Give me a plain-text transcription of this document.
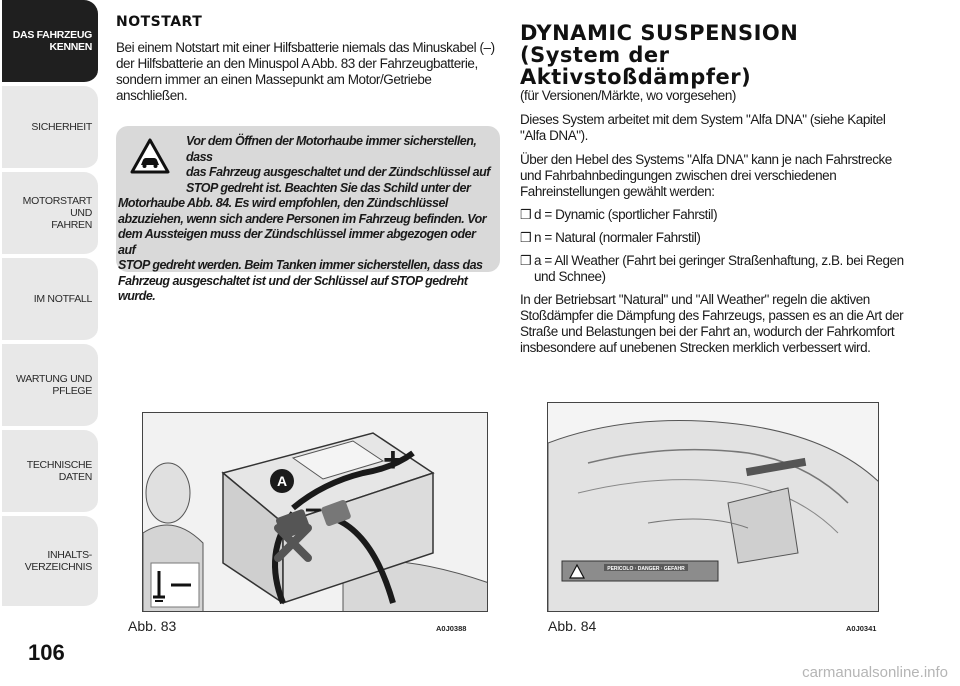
DAS FAHRZEUG
KENNEN
SICHERHEIT
MOTORSTART UND
FAHREN
IM NOTFALL
WARTUNG UND
PFLEGE
TECHNISCHE DATEN
INHALTS-
VERZEICHNIS
106
NOTSTART
Bei einem Notstart mit einer Hilfsbatterie niemals das Minuskabel (–)
der Hilfsbatterie an den Minuspol A Abb. 83 der Fahrzeugbatterie,
sondern immer an einen Massepunkt am Motor/Getriebe anschließen.
Vor dem Öffnen der Motorhaube immer sicherstellen, dass
das Fahrzeug ausgeschaltet und der Zündschlüssel auf
STOP gedreht ist. Beachten Sie das Schild unter der
Motorhaube Abb. 84. Es wird empfohlen, den Zündschlüssel
abzuziehen, wenn sich andere Personen im Fahrzeug befinden. Vor
dem Aussteigen muss der Zündschlüssel immer abgezogen oder auf
STOP gedreht werden. Beim Tanken immer sicherstellen, dass das
Fahrzeug ausgeschaltet ist und der Schlüssel auf STOP gedreht wurde.
DYNAMIC SUSPENSION
(System der Aktivstoßdämpfer)
(für Versionen/Märkte, wo vorgesehen)
Dieses System arbeitet mit dem System "Alfa DNA" (siehe Kapitel
"Alfa DNA").
Über den Hebel des Systems "Alfa DNA" kann je nach Fahrstrecke
und Fahrbahnbedingungen zwischen drei verschiedenen
Fahreinstellungen gewählt werden:
❒ d = Dynamic (sportlicher Fahrstil)
❒ n = Natural (normaler Fahrstil)
❒ a = All Weather (Fahrt bei geringer Straßenhaftung, z.B. bei Regen
und Schnee)
In der Betriebsart "Natural" und "All Weather" regeln die aktiven
Stoßdämpfer die Dämpfung des Fahrzeugs, passen es an die Art der
Straße und Belastungen bei der Fahrt an, wodurch der Fahrkomfort
insbesondere auf unebenen Strecken merklich verbessert wird.
A
+
–
Abb. 83	A0J0388
PERICOLO · DANGER · GEFAHR
Abb. 84	A0J0341
carmanualsonline.info
